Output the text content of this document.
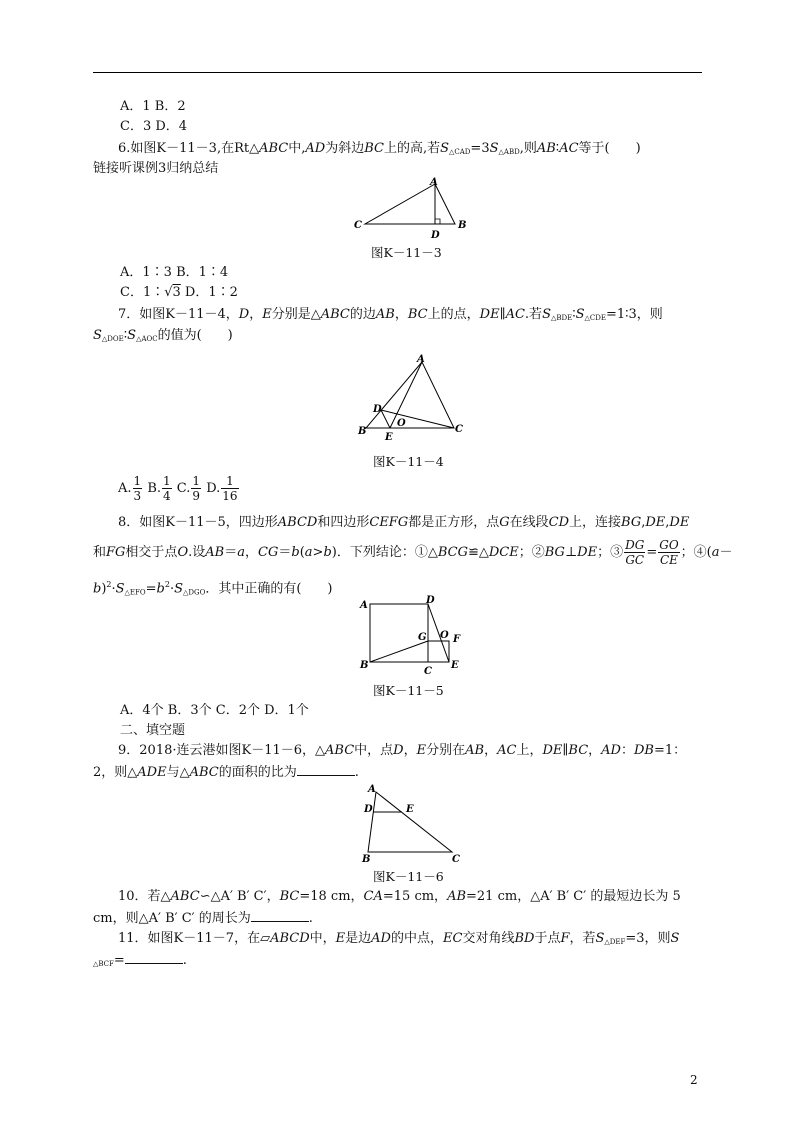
A．1 B．2
C．3 D．4
6.如图K－11－3,在Rt△ABC中,AD为斜边BC上的高,若$S_{\triangle CAD}=3S_{\triangle ABD}$,则AB∶AC等于(　　)
链接听课例3归纳总结
A
B
C
D
图K－11－3
A．1∶3 B．1∶4
C．1∶√3 D．1∶2
7．如图K－11－4，D，E分别是△ABC的边AB，BC上的点，DE∥AC.若$S_{\triangle BDE}∶S_{\triangle CDE}=1∶3$，则
$S_{\triangle DOE}∶S_{\triangle AOC}$的值为(　　)
A
B	C
D
E
O
图K－11－4
A. $\frac{1}{3} B$. $\frac{1}{4} C$. $\frac{1}{9} D$. $\frac{1}{16}$
8．如图K－11－5，四边形ABCD和四边形CEFG都是正方形，点G在线段CD上，连接BG,DE,DE
和FG相交于点O.设AB＝a，CG＝b(a>b)．下列结论：①△BCG≌△DCE；②BG⊥DE；③ $\frac{DG}{GC} = \frac{GO}{CE}$ ；④(a－
$b)^2\cdot S_{\triangle EFO}=b^2\cdot S_{\triangle DGO}$．其中正确的有(　　)
A
B
C
D
E
F
G O
图K－11－5
A．4个 B．3个 C．2个 D．1个
二、填空题
9．2018·连云港如图K－11－6，△ABC中，点D，E分别在AB，AC上，DE∥BC，AD：DB=1：
2，则△ADE与△ABC的面积的比为	.
A
B	C
D	E
图K－11－6
10．若△ABC∽△A′ B′ C′，BC=18 cm，CA=15 cm，AB=21 cm，△A′ B′ C′ 的最短边长为 5
cm，则△A′ B′ C′ 的周长为	.
11．如图K－11－7，在▱ABCD中，E是边AD的中点，EC交对角线BD于点F，若$S_{\triangle DEF}=3$，则S
$_{\triangle BCF}$=	.
2
